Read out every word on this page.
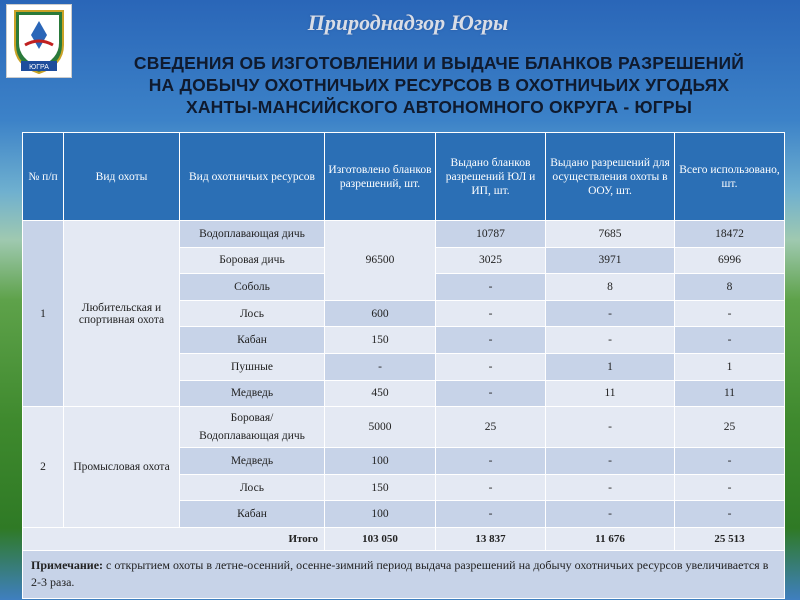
ЮГРА
Природнадзор Югры
СВЕДЕНИЯ ОБ ИЗГОТОВЛЕНИИ И ВЫДАЧЕ БЛАНКОВ РАЗРЕШЕНИЙ
НА ДОБЫЧУ ОХОТНИЧЬИХ РЕСУРСОВ В ОХОТНИЧЬИХ УГОДЬЯХ
ХАНТЫ-МАНСИЙСКОГО АВТОНОМНОГО ОКРУГА - ЮГРЫ
№ п/п	Вид охоты	Вид охотничьих ресурсов	Изготовлено бланков разрешений, шт.	Выдано бланков разрешений ЮЛ и ИП, шт.	Выдано разрешений для осуществления охоты в ООУ, шт.	Всего использовано, шт.
1	Любительская и спортивная охота	Водоплавающая дичь	96500	10787	7685	18472
		Боровая дичь		3025	3971	6996
		Соболь		-	8	8
		Лось	600	-	-	-
		Кабан	150	-	-	-
		Пушные	-	-	1	1
		Медведь	450	-	11	11
2	Промысловая охота	Боровая/
Водоплавающая дичь	5000	25	-	25
		Медведь	100	-	-	-
		Лось	150	-	-	-
		Кабан	100	-	-	-
Итого			103 050	13 837	11 676	25 513
Примечание: с открытием охоты в летне-осенний, осенне-зимний период выдача разрешений на добычу охотничьих ресурсов увеличивается в 2-3 раза.						
